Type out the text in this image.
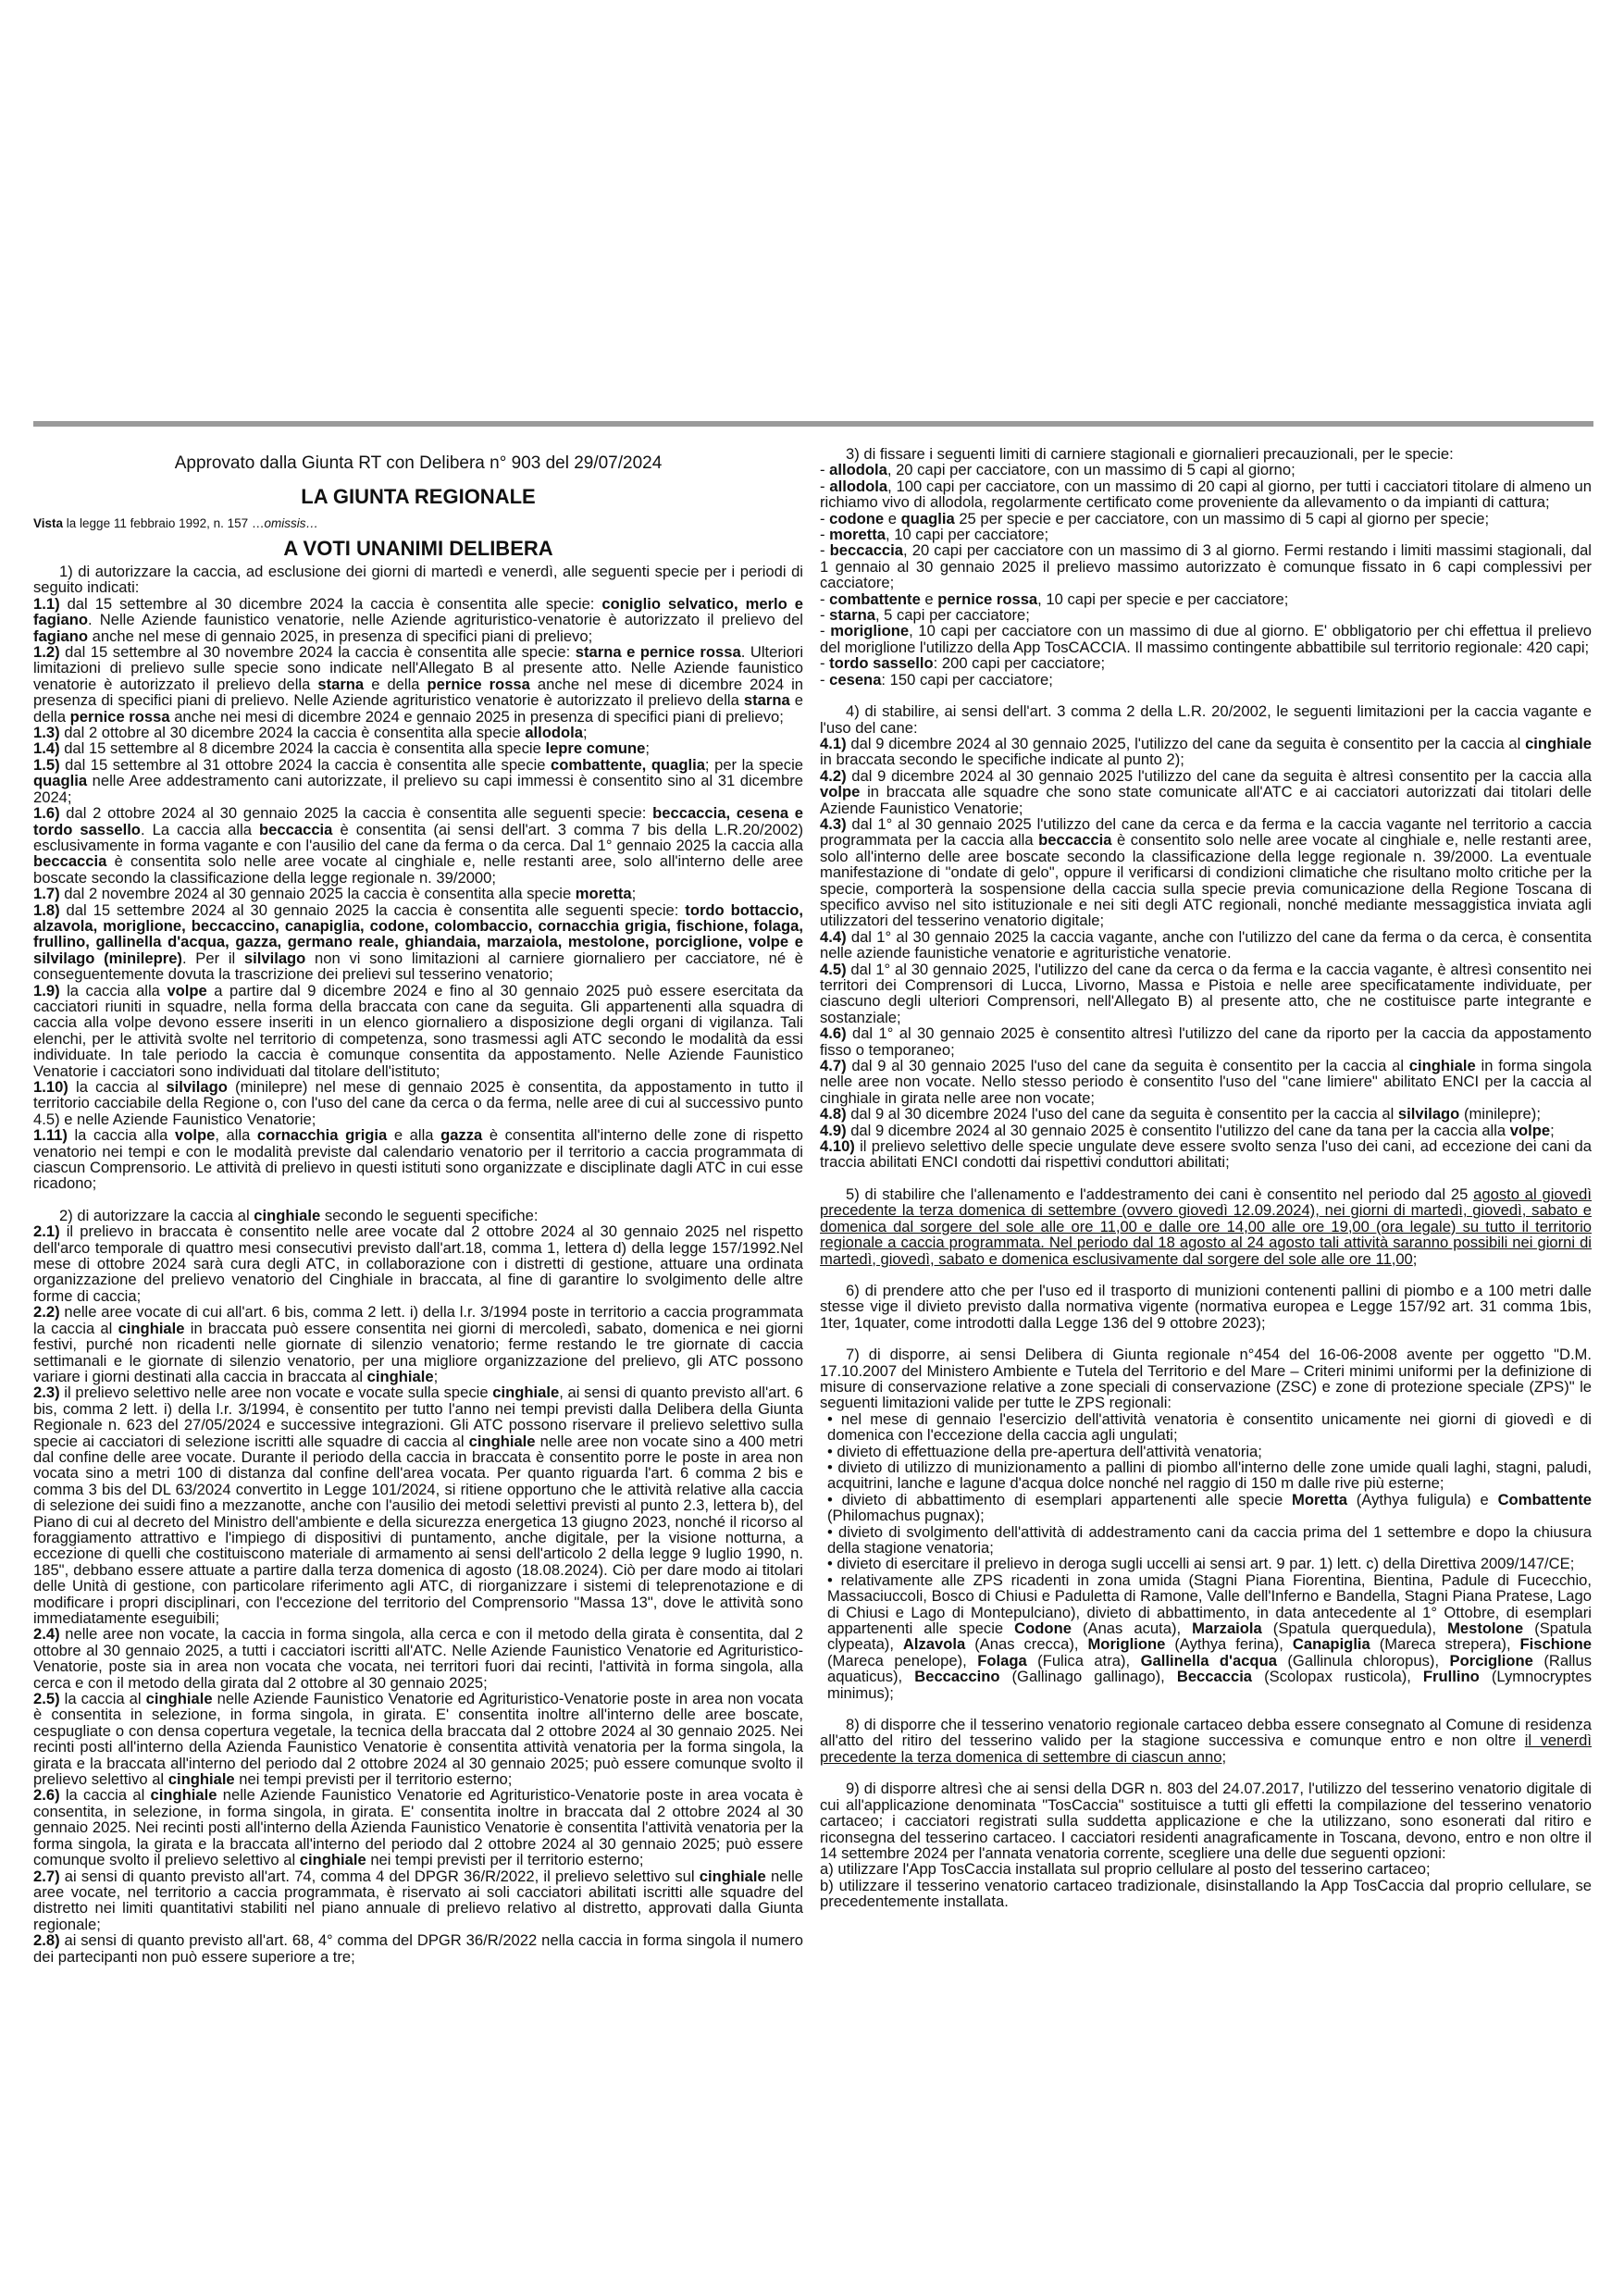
Approvato dalla Giunta RT con Delibera n° 903 del 29/07/2024

LA GIUNTA REGIONALE

Vista la legge 11 febbraio 1992, n. 157 …omissis…

A VOTI UNANIMI DELIBERA

1) di autorizzare la caccia, ad esclusione dei giorni di martedì e venerdì, alle seguenti specie per i periodi di seguito indicati:

1.1) dal 15 settembre al 30 dicembre 2024 la caccia è consentita alle specie: coniglio selvatico, merlo e fagiano. Nelle Aziende faunistico venatorie, nelle Aziende agrituristico-venatorie è autorizzato il prelievo del fagiano anche nel mese di gennaio 2025, in presenza di specifici piani di prelievo;

1.2) dal 15 settembre al 30 novembre 2024 la caccia è consentita alle specie: starna e pernice rossa. Ulteriori limitazioni di prelievo sulle specie sono indicate nell'Allegato B al presente atto. Nelle Aziende faunistico venatorie è autorizzato il prelievo della starna e della pernice rossa anche nel mese di dicembre 2024 in presenza di specifici piani di prelievo. Nelle Aziende agrituristico venatorie è autorizzato il prelievo della starna e della pernice rossa anche nei mesi di dicembre 2024 e gennaio 2025 in presenza di specifici piani di prelievo;

1.3) dal 2 ottobre al 30 dicembre 2024 la caccia è consentita alla specie allodola;

1.4) dal 15 settembre al 8 dicembre 2024 la caccia è consentita alla specie lepre comune;

1.5) dal 15 settembre al 31 ottobre 2024 la caccia è consentita alle specie combattente, quaglia; per la specie quaglia nelle Aree addestramento cani autorizzate, il prelievo su capi immessi è consentito sino al 31 dicembre 2024;

1.6) dal 2 ottobre 2024 al 30 gennaio 2025 la caccia è consentita alle seguenti specie: beccaccia, cesena e tordo sassello. La caccia alla beccaccia è consentita (ai sensi dell'art. 3 comma 7 bis della L.R.20/2002) esclusivamente in forma vagante e con l'ausilio del cane da ferma o da cerca. Dal 1° gennaio 2025 la caccia alla beccaccia è consentita solo nelle aree vocate al cinghiale e, nelle restanti aree, solo all'interno delle aree boscate secondo la classificazione della legge regionale n. 39/2000;

1.7) dal 2 novembre 2024 al 30 gennaio 2025 la caccia è consentita alla specie moretta;

1.8) dal 15 settembre 2024 al 30 gennaio 2025 la caccia è consentita alle seguenti specie: tordo bottaccio, alzavola, moriglione, beccaccino, canapiglia, codone, colombaccio, cornacchia grigia, fischione, folaga, frullino, gallinella d'acqua, gazza, germano reale, ghiandaia, marzaiola, mestolone, porciglione, volpe e silvilago (minilepre). Per il silvilago non vi sono limitazioni al carniere giornaliero per cacciatore, né è conseguentemente dovuta la trascrizione dei prelievi sul tesserino venatorio;

1.9) la caccia alla volpe a partire dal 9 dicembre 2024 e fino al 30 gennaio 2025 può essere esercitata da cacciatori riuniti in squadre, nella forma della braccata con cane da seguita. Gli appartenenti alla squadra di caccia alla volpe devono essere inseriti in un elenco giornaliero a disposizione degli organi di vigilanza. Tali elenchi, per le attività svolte nel territorio di competenza, sono trasmessi agli ATC secondo le modalità da essi individuate. In tale periodo la caccia è comunque consentita da appostamento. Nelle Aziende Faunistico Venatorie i cacciatori sono individuati dal titolare dell'istituto;

1.10) la caccia al silvilago (minilepre) nel mese di gennaio 2025 è consentita, da appostamento in tutto il territorio cacciabile della Regione o, con l'uso del cane da cerca o da ferma, nelle aree di cui al successivo punto 4.5) e nelle Aziende Faunistico Venatorie;

1.11) la caccia alla volpe, alla cornacchia grigia e alla gazza è consentita all'interno delle zone di rispetto venatorio nei tempi e con le modalità previste dal calendario venatorio per il territorio a caccia programmata di ciascun Comprensorio. Le attività di prelievo in questi istituti sono organizzate e disciplinate dagli ATC in cui esse ricadono;

2) di autorizzare la caccia al cinghiale secondo le seguenti specifiche:

2.1) il prelievo in braccata è consentito nelle aree vocate dal 2 ottobre 2024 al 30 gennaio 2025 nel rispetto dell'arco temporale di quattro mesi consecutivi previsto dall'art.18, comma 1, lettera d) della legge 157/1992.Nel mese di ottobre 2024 sarà cura degli ATC, in collaborazione con i distretti di gestione, attuare una ordinata organizzazione del prelievo venatorio del Cinghiale in braccata, al fine di garantire lo svolgimento delle altre forme di caccia;

2.2) nelle aree vocate di cui all'art. 6 bis, comma 2 lett. i) della l.r. 3/1994 poste in territorio a caccia programmata la caccia al cinghiale in braccata può essere consentita nei giorni di mercoledì, sabato, domenica e nei giorni festivi, purché non ricadenti nelle giornate di silenzio venatorio; ferme restando le tre giornate di caccia settimanali e le giornate di silenzio venatorio, per una migliore organizzazione del prelievo, gli ATC possono variare i giorni destinati alla caccia in braccata al cinghiale;

2.3) il prelievo selettivo nelle aree non vocate e vocate sulla specie cinghiale, ai sensi di quanto previsto all'art. 6 bis, comma 2 lett. i) della l.r. 3/1994, è consentito per tutto l'anno nei tempi previsti dalla Delibera della Giunta Regionale n. 623 del 27/05/2024 e successive integrazioni. Gli ATC possono riservare il prelievo selettivo sulla specie ai cacciatori di selezione iscritti alle squadre di caccia al cinghiale nelle aree non vocate sino a 400 metri dal confine delle aree vocate. Durante il periodo della caccia in braccata è consentito porre le poste in area non vocata sino a metri 100 di distanza dal confine dell'area vocata. Per quanto riguarda l'art. 6 comma 2 bis e comma 3 bis del DL 63/2024 convertito in Legge 101/2024, si ritiene opportuno che le attività relative alla caccia di selezione dei suidi fino a mezzanotte, anche con l'ausilio dei metodi selettivi previsti al punto 2.3, lettera b), del Piano di cui al decreto del Ministro dell'ambiente e della sicurezza energetica 13 giugno 2023, nonché il ricorso al foraggiamento attrattivo e l'impiego di dispositivi di puntamento, anche digitale, per la visione notturna, a eccezione di quelli che costituiscono materiale di armamento ai sensi dell'articolo 2 della legge 9 luglio 1990, n. 185", debbano essere attuate a partire dalla terza domenica di agosto (18.08.2024). Ciò per dare modo ai titolari delle Unità di gestione, con particolare riferimento agli ATC, di riorganizzare i sistemi di teleprenotazione e di modificare i propri disciplinari, con l'eccezione del territorio del Comprensorio "Massa 13", dove le attività sono immediatamente eseguibili;

2.4) nelle aree non vocate, la caccia in forma singola, alla cerca e con il metodo della girata è consentita, dal 2 ottobre al 30 gennaio 2025, a tutti i cacciatori iscritti all'ATC. Nelle Aziende Faunistico Venatorie ed Agrituristico-Venatorie, poste sia in area non vocata che vocata, nei territori fuori dai recinti, l'attività in forma singola, alla cerca e con il metodo della girata dal 2 ottobre al 30 gennaio 2025;

2.5) la caccia al cinghiale nelle Aziende Faunistico Venatorie ed Agrituristico-Venatorie poste in area non vocata è consentita in selezione, in forma singola, in girata. E' consentita inoltre all'interno delle aree boscate, cespugliate o con densa copertura vegetale, la tecnica della braccata dal 2 ottobre 2024 al 30 gennaio 2025. Nei recinti posti all'interno della Azienda Faunistico Venatorie è consentita attività venatoria per la forma singola, la girata e la braccata all'interno del periodo dal 2 ottobre 2024 al 30 gennaio 2025; può essere comunque svolto il prelievo selettivo al cinghiale nei tempi previsti per il territorio esterno;

2.6) la caccia al cinghiale nelle Aziende Faunistico Venatorie ed Agrituristico-Venatorie poste in area vocata è consentita, in selezione, in forma singola, in girata. E' consentita inoltre in braccata dal 2 ottobre 2024 al 30 gennaio 2025. Nei recinti posti all'interno della Azienda Faunistico Venatorie è consentita l'attività venatoria per la forma singola, la girata e la braccata all'interno del periodo dal 2 ottobre 2024 al 30 gennaio 2025; può essere comunque svolto il prelievo selettivo al cinghiale nei tempi previsti per il territorio esterno;

2.7) ai sensi di quanto previsto all'art. 74, comma 4 del DPGR 36/R/2022, il prelievo selettivo sul cinghiale nelle aree vocate, nel territorio a caccia programmata, è riservato ai soli cacciatori abilitati iscritti alle squadre del distretto nei limiti quantitativi stabiliti nel piano annuale di prelievo relativo al distretto, approvati dalla Giunta regionale;

2.8) ai sensi di quanto previsto all'art. 68, 4° comma del DPGR 36/R/2022 nella caccia in forma singola il numero dei partecipanti non può essere superiore a tre;

3) di fissare i seguenti limiti di carniere stagionali e giornalieri precauzionali, per le specie:

- allodola, 20 capi per cacciatore, con un massimo di 5 capi al giorno;

- allodola, 100 capi per cacciatore, con un massimo di 20 capi al giorno, per tutti i cacciatori titolare di almeno un richiamo vivo di allodola, regolarmente certificato come proveniente da allevamento o da impianti di cattura;

- codone e quaglia 25 per specie e per cacciatore, con un massimo di 5 capi al giorno per specie;

- moretta, 10 capi per cacciatore;

- beccaccia, 20 capi per cacciatore con un massimo di 3 al giorno. Fermi restando i limiti massimi stagionali, dal 1 gennaio al 30 gennaio 2025 il prelievo massimo autorizzato è comunque fissato in 6 capi complessivi per cacciatore;

- combattente e pernice rossa, 10 capi per specie e per cacciatore;

- starna, 5 capi per cacciatore;

- moriglione, 10 capi per cacciatore con un massimo di due al giorno. E' obbligatorio per chi effettua il prelievo del moriglione l'utilizzo della App TosCACCIA. Il massimo contingente abbattibile sul territorio regionale: 420 capi;

- tordo sassello: 200 capi per cacciatore;

- cesena: 150 capi per cacciatore;

4) di stabilire, ai sensi dell'art. 3 comma 2 della L.R. 20/2002, le seguenti limitazioni per la caccia vagante e l'uso del cane:

4.1) dal 9 dicembre 2024 al 30 gennaio 2025, l'utilizzo del cane da seguita è consentito per la caccia al cinghiale in braccata secondo le specifiche indicate al punto 2);

4.2) dal 9 dicembre 2024 al 30 gennaio 2025 l'utilizzo del cane da seguita è altresì consentito per la caccia alla volpe in braccata alle squadre che sono state comunicate all'ATC e ai cacciatori autorizzati dai titolari delle Aziende Faunistico Venatorie;

4.3) dal 1° al 30 gennaio 2025 l'utilizzo del cane da cerca e da ferma e la caccia vagante nel territorio a caccia programmata per la caccia alla beccaccia è consentito solo nelle aree vocate al cinghiale e, nelle restanti aree, solo all'interno delle aree boscate secondo la classificazione della legge regionale n. 39/2000. La eventuale manifestazione di "ondate di gelo", oppure il verificarsi di condizioni climatiche che risultano molto critiche per la specie, comporterà la sospensione della caccia sulla specie previa comunicazione della Regione Toscana di specifico avviso nel sito istituzionale e nei siti degli ATC regionali, nonché mediante messaggistica inviata agli utilizzatori del tesserino venatorio digitale;

4.4) dal 1° al 30 gennaio 2025 la caccia vagante, anche con l'utilizzo del cane da ferma o da cerca, è consentita nelle aziende faunistiche venatorie e agrituristiche venatorie.

4.5) dal 1° al 30 gennaio 2025, l'utilizzo del cane da cerca o da ferma e la caccia vagante, è altresì consentito nei territori dei Comprensori di Lucca, Livorno, Massa e Pistoia e nelle aree specificatamente individuate, per ciascuno degli ulteriori Comprensori, nell'Allegato B) al presente atto, che ne costituisce parte integrante e sostanziale;

4.6) dal 1° al 30 gennaio 2025 è consentito altresì l'utilizzo del cane da riporto per la caccia da appostamento fisso o temporaneo;

4.7) dal 9 al 30 gennaio 2025 l'uso del cane da seguita è consentito per la caccia al cinghiale in forma singola nelle aree non vocate. Nello stesso periodo è consentito l'uso del "cane limiere" abilitato ENCI per la caccia al cinghiale in girata nelle aree non vocate;

4.8) dal 9 al 30 dicembre 2024 l'uso del cane da seguita è consentito per la caccia al silvilago (minilepre);

4.9) dal 9 dicembre 2024 al 30 gennaio 2025 è consentito l'utilizzo del cane da tana per la caccia alla volpe;

4.10) il prelievo selettivo delle specie ungulate deve essere svolto senza l'uso dei cani, ad eccezione dei cani da traccia abilitati ENCI condotti dai rispettivi conduttori abilitati;

5) di stabilire che l'allenamento e l'addestramento dei cani è consentito nel periodo dal 25 agosto al giovedì precedente la terza domenica di settembre (ovvero giovedì 12.09.2024), nei giorni di martedì, giovedì, sabato e domenica dal sorgere del sole alle ore 11,00 e dalle ore 14,00 alle ore 19,00 (ora legale) su tutto il territorio regionale a caccia programmata. Nel periodo dal 18 agosto al 24 agosto tali attività saranno possibili nei giorni di martedì, giovedì, sabato e domenica esclusivamente dal sorgere del sole alle ore 11,00;

6) di prendere atto che per l'uso ed il trasporto di munizioni contenenti pallini di piombo e a 100 metri dalle stesse vige il divieto previsto dalla normativa vigente (normativa europea e Legge 157/92 art. 31 comma 1bis, 1ter, 1quater, come introdotti dalla Legge 136 del 9 ottobre 2023);

7) di disporre, ai sensi Delibera di Giunta regionale n°454 del 16-06-2008 avente per oggetto "D.M. 17.10.2007 del Ministero Ambiente e Tutela del Territorio e del Mare – Criteri minimi uniformi per la definizione di misure di conservazione relative a zone speciali di conservazione (ZSC) e zone di protezione speciale (ZPS)" le seguenti limitazioni valide per tutte le ZPS regionali:

• nel mese di gennaio l'esercizio dell'attività venatoria è consentito unicamente nei giorni di giovedì e di domenica con l'eccezione della caccia agli ungulati;

• divieto di effettuazione della pre-apertura dell'attività venatoria;

• divieto di utilizzo di munizionamento a pallini di piombo all'interno delle zone umide quali laghi, stagni, paludi, acquitrini, lanche e lagune d'acqua dolce nonché nel raggio di 150 m dalle rive più esterne;

• divieto di abbattimento di esemplari appartenenti alle specie Moretta (Aythya fuligula) e Combattente (Philomachus pugnax);

• divieto di svolgimento dell'attività di addestramento cani da caccia prima del 1 settembre e dopo la chiusura della stagione venatoria;

• divieto di esercitare il prelievo in deroga sugli uccelli ai sensi art. 9 par. 1) lett. c) della Direttiva 2009/147/CE;

• relativamente alle ZPS ricadenti in zona umida (Stagni Piana Fiorentina, Bientina, Padule di Fucecchio, Massaciuccoli, Bosco di Chiusi e Paduletta di Ramone, Valle dell'Inferno e Bandella, Stagni Piana Pratese, Lago di Chiusi e Lago di Montepulciano), divieto di abbattimento, in data antecedente al 1° Ottobre, di esemplari appartenenti alle specie Codone (Anas acuta), Marzaiola (Spatula querquedula), Mestolone (Spatula clypeata), Alzavola (Anas crecca), Moriglione (Aythya ferina), Canapiglia (Mareca strepera), Fischione (Mareca penelope), Folaga (Fulica atra), Gallinella d'acqua (Gallinula chloropus), Porciglione (Rallus aquaticus), Beccaccino (Gallinago gallinago), Beccaccia (Scolopax rusticola), Frullino (Lymnocryptes minimus);

8) di disporre che il tesserino venatorio regionale cartaceo debba essere consegnato al Comune di residenza all'atto del ritiro del tesserino valido per la stagione successiva e comunque entro e non oltre il venerdì precedente la terza domenica di settembre di ciascun anno;

9) di disporre altresì che ai sensi della DGR n. 803 del 24.07.2017, l'utilizzo del tesserino venatorio digitale di cui all'applicazione denominata "TosCaccia" sostituisce a tutti gli effetti la compilazione del tesserino venatorio cartaceo; i cacciatori registrati sulla suddetta applicazione e che la utilizzano, sono esonerati dal ritiro e riconsegna del tesserino cartaceo. I cacciatori residenti anagraficamente in Toscana, devono, entro e non oltre il 14 settembre 2024 per l'annata venatoria corrente, scegliere una delle due seguenti opzioni:

a) utilizzare l'App TosCaccia installata sul proprio cellulare al posto del tesserino cartaceo;

b) utilizzare il tesserino venatorio cartaceo tradizionale, disinstallando la App TosCaccia dal proprio cellulare, se precedentemente installata.
